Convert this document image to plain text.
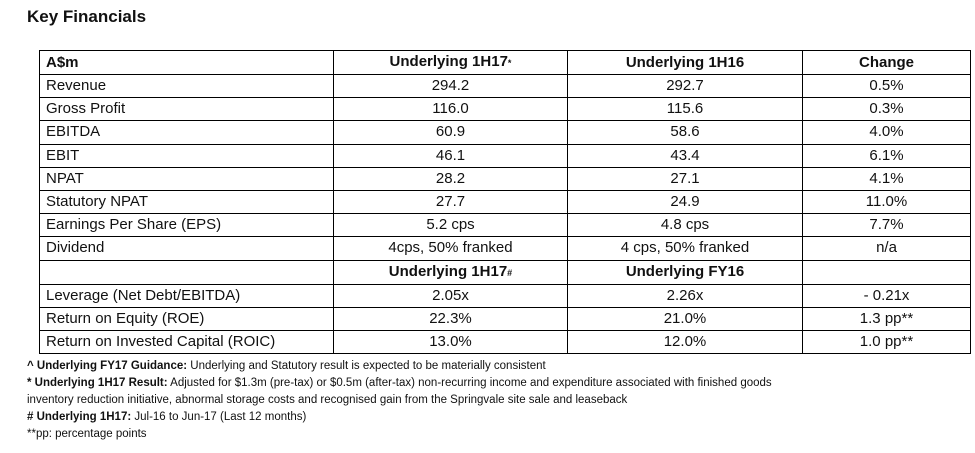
Key Financials
A$m	Underlying 1H17*	Underlying 1H16	Change
Revenue	294.2	292.7	0.5%
Gross Profit	116.0	115.6	0.3%
EBITDA	60.9	58.6	4.0%
EBIT	46.1	43.4	6.1%
NPAT	28.2	27.1	4.1%
Statutory NPAT	27.7	24.9	11.0%
Earnings Per Share (EPS)	5.2 cps	4.8 cps	7.7%
Dividend	4cps, 50% franked	4 cps, 50% franked	n/a
	Underlying 1H17#	Underlying FY16	
Leverage (Net Debt/EBITDA)	2.05x	2.26x	- 0.21x
Return on Equity (ROE)	22.3%	21.0%	1.3 pp**
Return on Invested Capital (ROIC)	13.0%	12.0%	1.0 pp**
^ Underlying FY17 Guidance: Underlying and Statutory result is expected to be materially consistent
* Underlying 1H17 Result: Adjusted for $1.3m (pre-tax) or $0.5m (after-tax) non-recurring income and expenditure associated with finished goods
inventory reduction initiative, abnormal storage costs and recognised gain from the Springvale site sale and leaseback
# Underlying 1H17: Jul-16 to Jun-17 (Last 12 months)
**pp: percentage points
